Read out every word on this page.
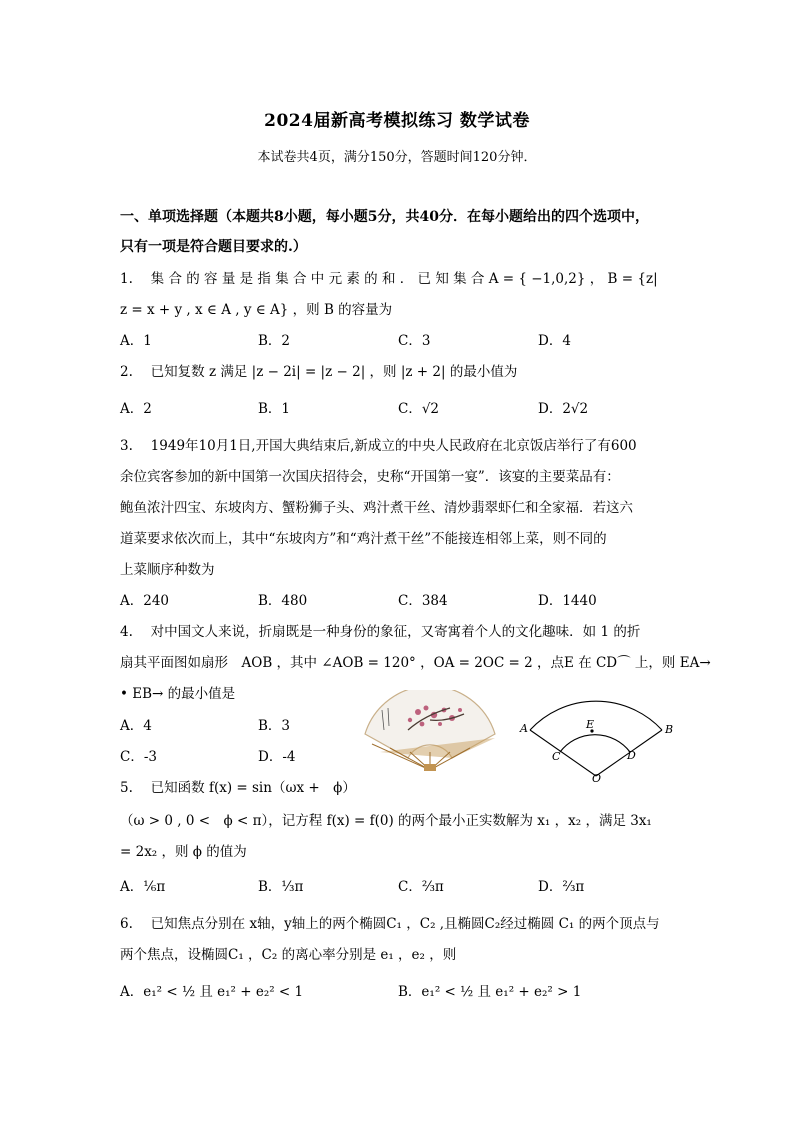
2024届新高考模拟练习 数学试卷
本试卷共4页，满分150分，答题时间120分钟．
一、单项选择题（本题共8小题，每小题5分，共40分．在每小题给出的四个选项中，
只有一项是符合题目要求的.）
1.　 集 合 的 容 量 是 指 集 合 中 元 素 的 和 ． 已 知 集 合 A = { −1,0,2} ， B = {z|
z = x + y , x ∈ A , y ∈ A} ，则 B 的容量为
A．1	B．2	C．3	D．4
2.　 已知复数 z 满足 |z − 2i| = |z − 2| ，则 |z + 2| 的最小值为
A．2	B．1	C．√2	D．2√2
3.　 1949年10月1日,开国大典结束后,新成立的中央人民政府在北京饭店举行了有600
余位宾客参加的新中国第一次国庆招待会，史称“开国第一宴”．该宴的主要菜品有：
鲍鱼浓汁四宝、东坡肉方、蟹粉狮子头、鸡汁煮干丝、清炒翡翠虾仁和全家福．若这六
道菜要求依次而上，其中“东坡肉方”和“鸡汁煮干丝”不能接连相邻上菜，则不同的
上菜顺序种数为
A．240	B．480	C．384	D．1440
4.　 对中国文人来说，折扇既是一种身份的象征，又寄寓着个人的文化趣味．如 1 的折
扇其平面图如扇形　AOB ，其中 ∠AOB = 120° ，OA = 2OC = 2 ，点E 在 CD⌒ 上，则 EA→
• EB→ 的最小值是
A．4	B．3
C．-3	D．-4
A	B
C	D
E
O
5.　 已知函数 f(x) = sin（ωx +　ϕ）
（ω > 0 , 0 <　ϕ < π），记方程 f(x) = f(0) 的两个最小正实数解为 x₁ ，x₂ ，满足 3x₁
= 2x₂ ，则 ϕ 的值为
A．⅙π	B．⅓π	C．⅔π	D．⅔π
6.　 已知焦点分别在 x轴，y轴上的两个椭圆C₁ ，C₂ ,且椭圆C₂经过椭圆 C₁ 的两个顶点与
两个焦点，设椭圆C₁ ，C₂ 的离心率分别是 e₁ ，e₂ ，则
A．e₁² < ½ 且 e₁² + e₂² < 1	B．e₁² < ½ 且 e₁² + e₂² > 1
